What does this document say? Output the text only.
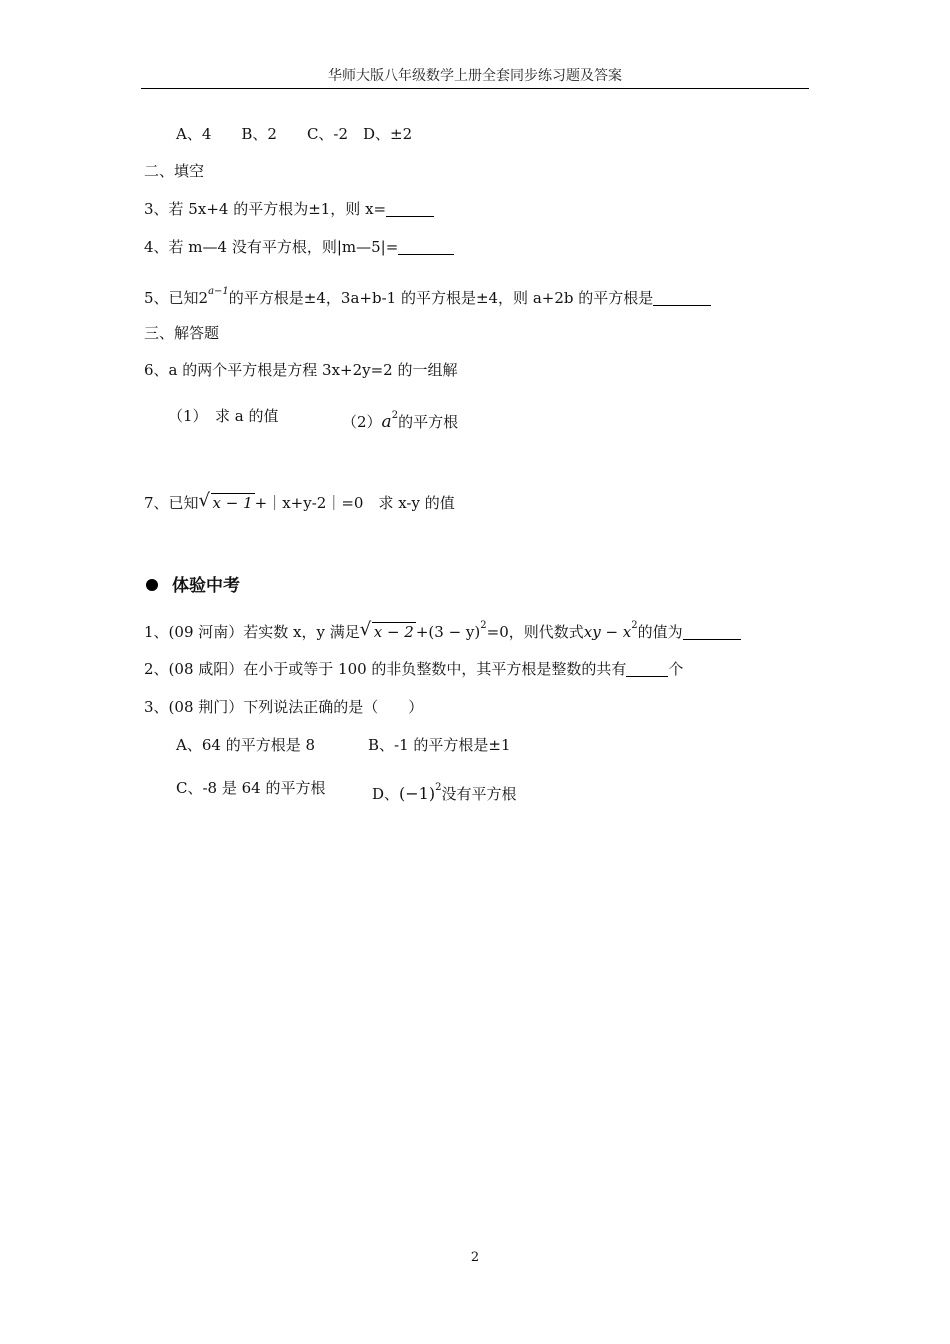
华师大版八年级数学上册全套同步练习题及答案
A、4　　B、2　　C、-2　D、±2
二、填空
3、若 5x+4 的平方根为±1，则 x=
4、若 m—4 没有平方根，则|m—5|=
5、已知$2^{a-1}$的平方根是±4，3a+b-1 的平方根是±4，则 a+2b 的平方根是
三、解答题
6、a 的两个平方根是方程 3x+2y=2 的一组解
（1）　求 a 的值	$(2)a^2$的平方根
7、已知 √ x − 1 +｜x+y-2｜=0　求 x-y 的值
体验中考
1、(09 河南）若实数 x，y 满足 √ $x - 2 +(3 - y)^2=0$，则代数式xy − $x^2$的值为
2、(08 咸阳）在小于或等于 100 的非负整数中，其平方根是整数的共有	个
3、(08 荆门）下列说法正确的是（　　）
A、64 的平方根是 8	B、-1 的平方根是±1
C、-8 是 64 的平方根	D、$(-1)^2$没有平方根
2
